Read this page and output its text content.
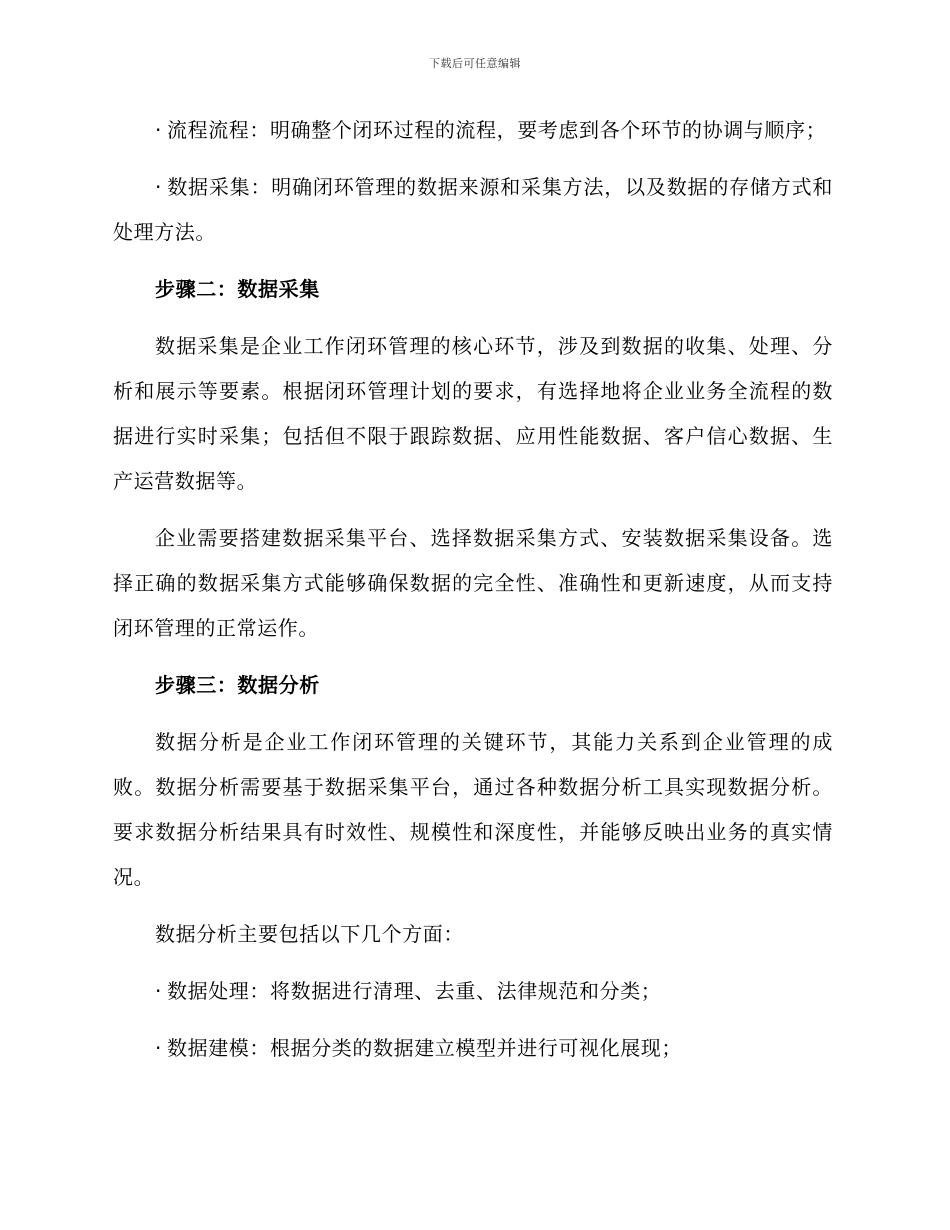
下载后可任意编辑

· 流程流程：明确整个闭环过程的流程，要考虑到各个环节的协调与顺序；

· 数据采集：明确闭环管理的数据来源和采集方法，以及数据的存储方式和处理方法。

步骤二：数据采集

数据采集是企业工作闭环管理的核心环节，涉及到数据的收集、处理、分析和展示等要素。根据闭环管理计划的要求，有选择地将企业业务全流程的数据进行实时采集；包括但不限于跟踪数据、应用性能数据、客户信心数据、生产运营数据等。

企业需要搭建数据采集平台、选择数据采集方式、安装数据采集设备。选择正确的数据采集方式能够确保数据的完全性、准确性和更新速度，从而支持闭环管理的正常运作。

步骤三：数据分析

数据分析是企业工作闭环管理的关键环节，其能力关系到企业管理的成败。数据分析需要基于数据采集平台，通过各种数据分析工具实现数据分析。要求数据分析结果具有时效性、规模性和深度性，并能够反映出业务的真实情况。

数据分析主要包括以下几个方面：

· 数据处理：将数据进行清理、去重、法律规范和分类；

· 数据建模：根据分类的数据建立模型并进行可视化展现；
